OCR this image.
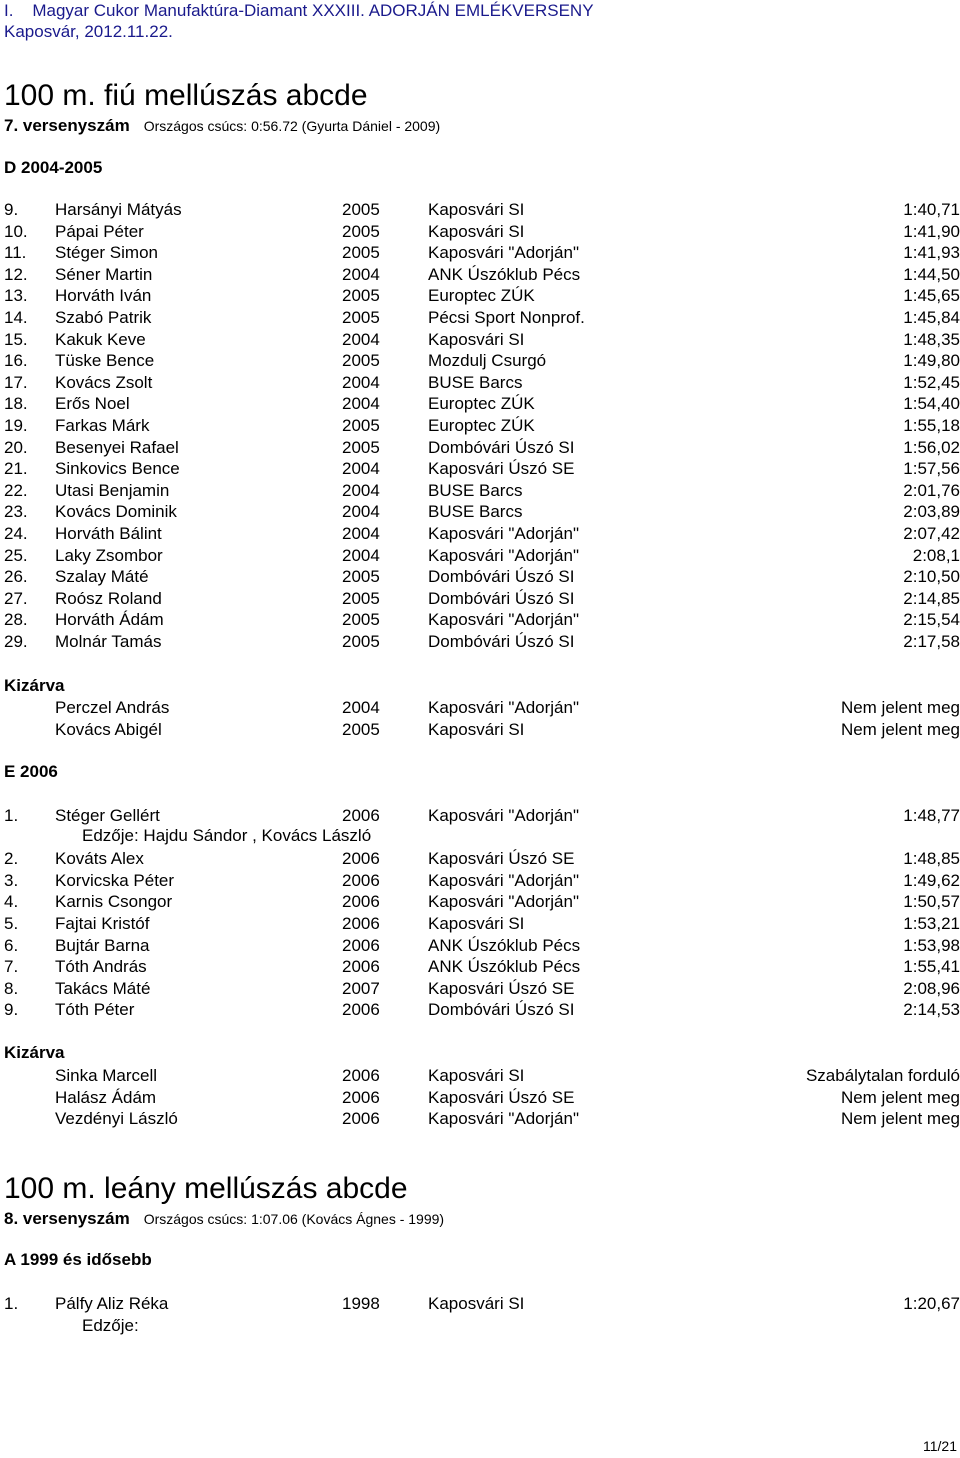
I.    Magyar Cukor Manufaktúra-Diamant XXXIII. ADORJÁN EMLÉKVERSENY
Kaposvár, 2012.11.22.
100 m. fiú mellúszás abcde
7. versenyszám Országos csúcs: 0:56.72 (Gyurta Dániel - 2009)
D 2004-2005
9. Harsányi Mátyás	2005	Kaposvári SI	1:40,71
10. Pápai Péter	2005	Kaposvári SI	1:41,90
11. Stéger Simon	2005	Kaposvári "Adorján"	1:41,93
12. Séner Martin	2004	ANK Úszóklub Pécs	1:44,50
13. Horváth Iván	2005	Europtec ZÚK	1:45,65
14. Szabó Patrik	2005	Pécsi Sport Nonprof.	1:45,84
15. Kakuk Keve	2004	Kaposvári SI	1:48,35
16. Tüske Bence	2005	Mozdulj Csurgó	1:49,80
17. Kovács Zsolt	2004	BUSE Barcs	1:52,45
18. Erős Noel	2004	Europtec ZÚK	1:54,40
19. Farkas Márk	2005	Europtec ZÚK	1:55,18
20. Besenyei Rafael	2005	Dombóvári Úszó SI	1:56,02
21. Sinkovics Bence	2004	Kaposvári Úszó SE	1:57,56
22. Utasi Benjamin	2004	BUSE Barcs	2:01,76
23. Kovács Dominik	2004	BUSE Barcs	2:03,89
24. Horváth Bálint	2004	Kaposvári "Adorján"	2:07,42
25. Laky Zsombor	2004	Kaposvári "Adorján"	2:08,1
26. Szalay Máté	2005	Dombóvári Úszó SI	2:10,50
27. Roósz Roland	2005	Dombóvári Úszó SI	2:14,85
28. Horváth Ádám	2005	Kaposvári "Adorján"	2:15,54
29. Molnár Tamás	2005	Dombóvári Úszó SI	2:17,58
Kizárva
Perczel András	2004	Kaposvári "Adorján"	Nem jelent meg
Kovács Abigél	2005	Kaposvári SI	Nem jelent meg
E 2006
1. Stéger Gellért	2006	Kaposvári "Adorján"	1:48,77
2. Kováts Alex	2006	Kaposvári Úszó SE	1:48,85
3. Korvicska Péter	2006	Kaposvári "Adorján"	1:49,62
4. Karnis Csongor	2006	Kaposvári "Adorján"	1:50,57
5. Fajtai Kristóf	2006	Kaposvári SI	1:53,21
6. Bujtár Barna	2006	ANK Úszóklub Pécs	1:53,98
7. Tóth András	2006	ANK Úszóklub Pécs	1:55,41
8. Takács Máté	2007	Kaposvári Úszó SE	2:08,96
9. Tóth Péter	2006	Dombóvári Úszó SI	2:14,53
Edzője: Hajdu Sándor , Kovács László
Kizárva
Sinka Marcell	2006	Kaposvári SI	Szabálytalan forduló
Halász Ádám	2006	Kaposvári Úszó SE	Nem jelent meg
Vezdényi László	2006	Kaposvári "Adorján"	Nem jelent meg
100 m. leány mellúszás abcde
8. versenyszám Országos csúcs: 1:07.06 (Kovács Ágnes - 1999)
A 1999 és idősebb
1. Pálfy Aliz Réka	1998	Kaposvári SI	1:20,67
Edzője:
11/21
